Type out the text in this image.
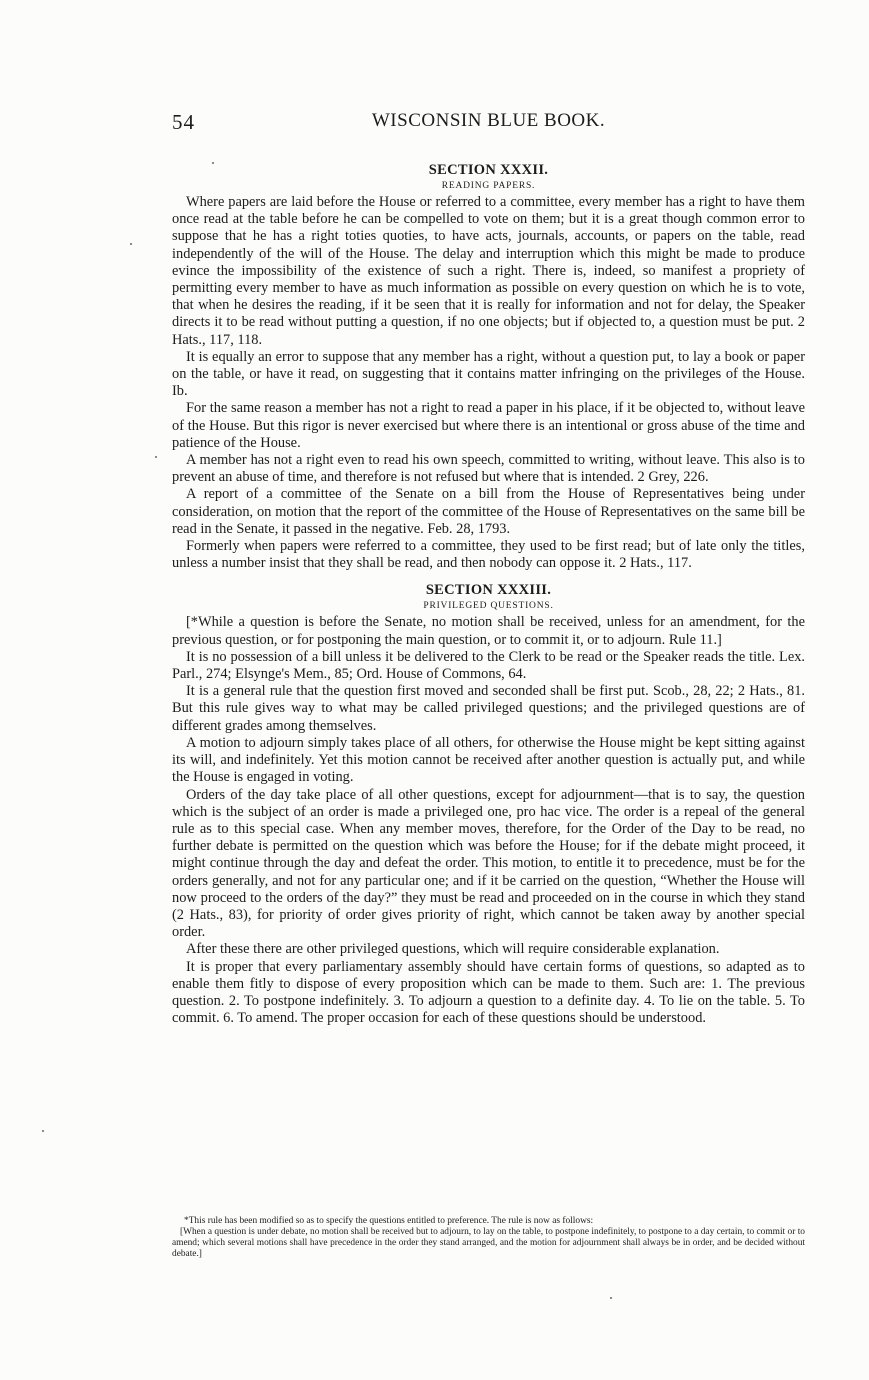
54	WISCONSIN BLUE BOOK.
SECTION XXXII.
READING PAPERS.

Where papers are laid before the House or referred to a committee, every member has a right to have them once read at the table before he can be compelled to vote on them; but it is a great though common error to suppose that he has a right toties quoties, to have acts, journals, accounts, or papers on the table, read independently of the will of the House. The delay and interruption which this might be made to produce evince the impossibility of the existence of such a right. There is, indeed, so manifest a propriety of permitting every member to have as much information as possible on every question on which he is to vote, that when he desires the reading, if it be seen that it is really for information and not for delay, the Speaker directs it to be read without putting a question, if no one objects; but if objected to, a question must be put. 2 Hats., 117, 118.

It is equally an error to suppose that any member has a right, without a question put, to lay a book or paper on the table, or have it read, on suggesting that it contains matter infringing on the privileges of the House. Ib.

For the same reason a member has not a right to read a paper in his place, if it be objected to, without leave of the House. But this rigor is never exercised but where there is an intentional or gross abuse of the time and patience of the House.

A member has not a right even to read his own speech, committed to writing, without leave. This also is to prevent an abuse of time, and therefore is not refused but where that is intended. 2 Grey, 226.

A report of a committee of the Senate on a bill from the House of Representatives being under consideration, on motion that the report of the committee of the House of Representatives on the same bill be read in the Senate, it passed in the negative. Feb. 28, 1793.

Formerly when papers were referred to a committee, they used to be first read; but of late only the titles, unless a number insist that they shall be read, and then nobody can oppose it. 2 Hats., 117.

SECTION XXXIII.
PRIVILEGED QUESTIONS.

[*While a question is before the Senate, no motion shall be received, unless for an amendment, for the previous question, or for postponing the main question, or to commit it, or to adjourn. Rule 11.]

It is no possession of a bill unless it be delivered to the Clerk to be read or the Speaker reads the title. Lex. Parl., 274; Elsynge's Mem., 85; Ord. House of Commons, 64.

It is a general rule that the question first moved and seconded shall be first put. Scob., 28, 22; 2 Hats., 81. But this rule gives way to what may be called privileged questions; and the privileged questions are of different grades among themselves.

A motion to adjourn simply takes place of all others, for otherwise the House might be kept sitting against its will, and indefinitely. Yet this motion cannot be received after another question is actually put, and while the House is engaged in voting.

Orders of the day take place of all other questions, except for adjournment—that is to say, the question which is the subject of an order is made a privileged one, pro hac vice. The order is a repeal of the general rule as to this special case. When any member moves, therefore, for the Order of the Day to be read, no further debate is permitted on the question which was before the House; for if the debate might proceed, it might continue through the day and defeat the order. This motion, to entitle it to precedence, must be for the orders generally, and not for any particular one; and if it be carried on the question, “Whether the House will now proceed to the orders of the day?” they must be read and proceeded on in the course in which they stand (2 Hats., 83), for priority of order gives priority of right, which cannot be taken away by another special order.

After these there are other privileged questions, which will require considerable explanation.

It is proper that every parliamentary assembly should have certain forms of questions, so adapted as to enable them fitly to dispose of every proposition which can be made to them. Such are: 1. The previous question. 2. To postpone indefinitely. 3. To adjourn a question to a definite day. 4. To lie on the table. 5. To commit. 6. To amend. The proper occasion for each of these questions should be understood.

*This rule has been modified so as to specify the questions entitled to preference. The rule is now as follows:

[When a question is under debate, no motion shall be received but to adjourn, to lay on the table, to postpone indefinitely, to postpone to a day certain, to commit or to amend; which several motions shall have precedence in the order they stand arranged, and the motion for adjournment shall always be in order, and be decided without debate.]
